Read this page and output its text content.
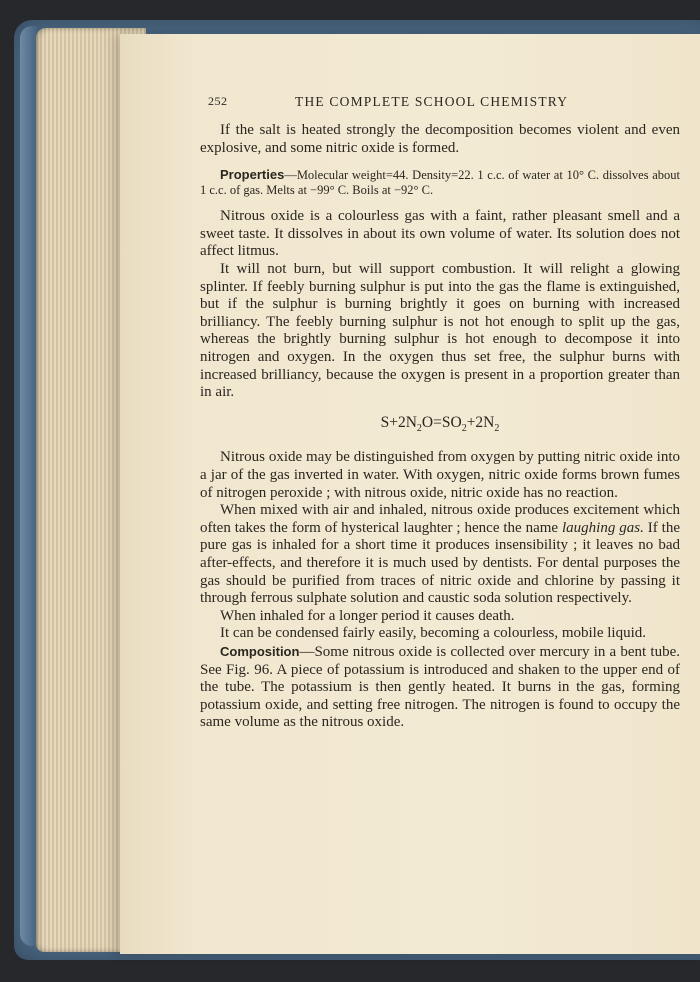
252	THE COMPLETE SCHOOL CHEMISTRY

If the salt is heated strongly the decomposition becomes violent and even explosive, and some nitric oxide is formed.

Properties—Molecular weight=44. Density=22. 1 c.c. of water at 10° C. dissolves about 1 c.c. of gas. Melts at −99° C. Boils at −92° C.

Nitrous oxide is a colourless gas with a faint, rather pleasant smell and a sweet taste. It dissolves in about its own volume of water. Its solution does not affect litmus.

It will not burn, but will support combustion. It will relight a glowing splinter. If feebly burning sulphur is put into the gas the flame is extinguished, but if the sulphur is burning brightly it goes on burning with increased brilliancy. The feebly burning sulphur is not hot enough to split up the gas, whereas the brightly burning sulphur is hot enough to decompose it into nitrogen and oxygen. In the oxygen thus set free, the sulphur burns with increased brilliancy, because the oxygen is present in a proportion greater than in air.

$S+2N_2O=SO_2+2N_2$

Nitrous oxide may be distinguished from oxygen by putting nitric oxide into a jar of the gas inverted in water. With oxygen, nitric oxide forms brown fumes of nitrogen peroxide ; with nitrous oxide, nitric oxide has no reaction.

When mixed with air and inhaled, nitrous oxide produces excitement which often takes the form of hysterical laughter ; hence the name laughing gas. If the pure gas is inhaled for a short time it produces insensibility ; it leaves no bad after-effects, and therefore it is much used by dentists. For dental purposes the gas should be purified from traces of nitric oxide and chlorine by passing it through ferrous sulphate solution and caustic soda solution respectively.

When inhaled for a longer period it causes death.

It can be condensed fairly easily, becoming a colourless, mobile liquid.

Composition—Some nitrous oxide is collected over mercury in a bent tube. See Fig. 96. A piece of potassium is introduced and shaken to the upper end of the tube. The potassium is then gently heated. It burns in the gas, forming potassium oxide, and setting free nitrogen. The nitrogen is found to occupy the same volume as the nitrous oxide.
